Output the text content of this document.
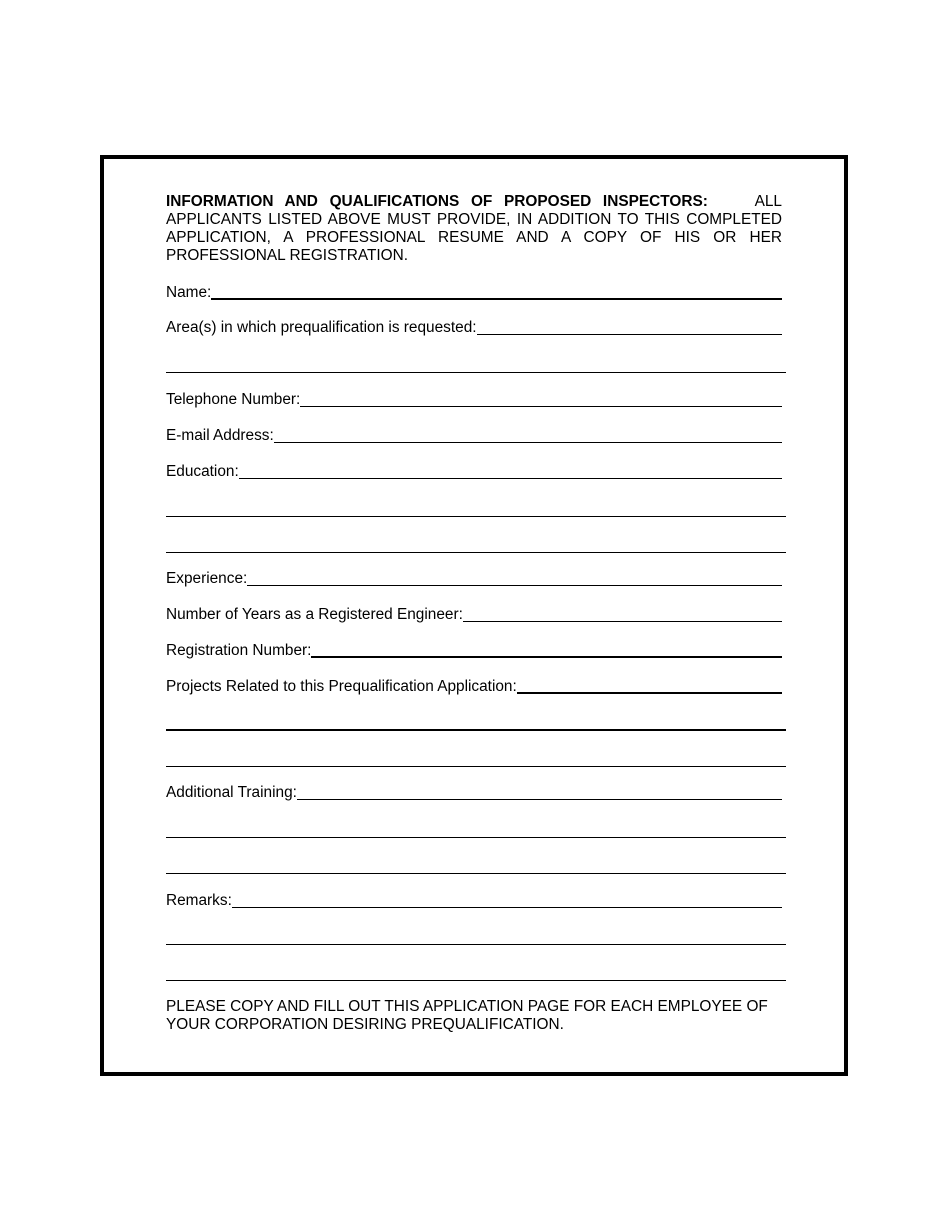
INFORMATION AND QUALIFICATIONS OF PROPOSED INSPECTORS:	ALL APPLICANTS LISTED ABOVE MUST PROVIDE, IN ADDITION TO THIS COMPLETED APPLICATION, A PROFESSIONAL RESUME AND A COPY OF HIS OR HER PROFESSIONAL REGISTRATION.
Name:
Area(s) in which prequalification is requested:
Telephone Number:
E-mail Address:
Education:
Experience:
Number of Years as a Registered Engineer:
Registration Number:
Projects Related to this Prequalification Application:
Additional Training:
Remarks:
PLEASE COPY AND FILL OUT THIS APPLICATION PAGE FOR EACH EMPLOYEE OF YOUR CORPORATION DESIRING PREQUALIFICATION.
